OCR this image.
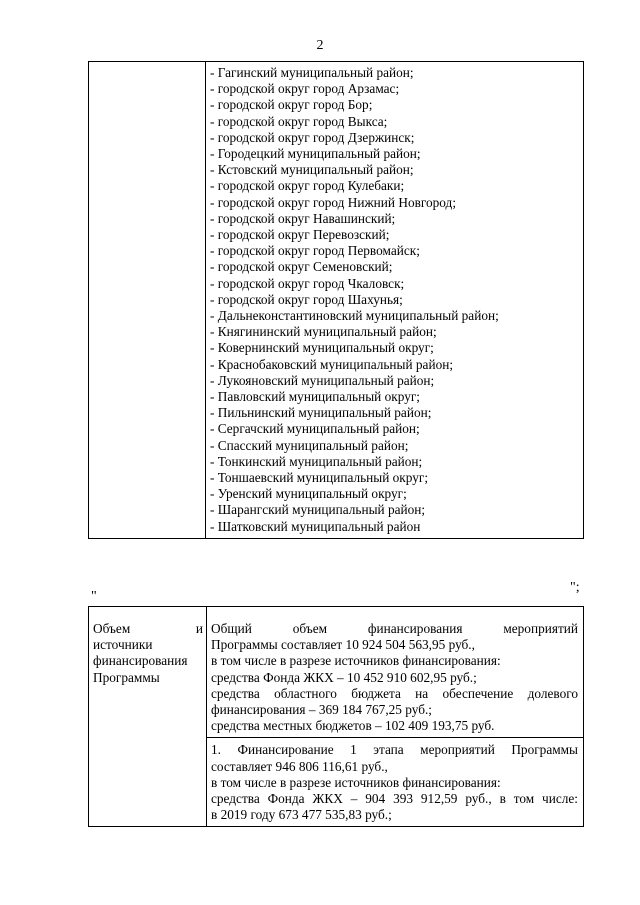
2

- Гагинский муниципальный район;
- городской округ город Арзамас;
- городской округ город Бор;
- городской округ город Выкса;
- городской округ город Дзержинск;
- Городецкий муниципальный район;
- Кстовский муниципальный район;
- городской округ город Кулебаки;
- городской округ город Нижний Новгород;
- городской округ Навашинский;
- городской округ Перевозский;
- городской округ город Первомайск;
- городской округ Семеновский;
- городской округ город Чкаловск;
- городской округ город Шахунья;
- Дальнеконстантиновский муниципальный район;
- Княгининский муниципальный район;
- Ковернинский муниципальный округ;
- Краснобаковский муниципальный район;
- Лукояновский муниципальный район;
- Павловский муниципальный округ;
- Пильнинский муниципальный район;
- Сергачский муниципальный район;
- Спасский муниципальный район;
- Тонкинский муниципальный район;
- Тоншаевский муниципальный округ;
- Уренский муниципальный округ;
- Шарангский муниципальный район;
- Шатковский муниципальный район
";
"
Объем	и
источники
финансирования
Программы

Общий объем финансирования мероприятий
Программы составляет 10 924 504 563,95 руб.,
в том числе в разрезе источников финансирования:
средства Фонда ЖКХ – 10 452 910 602,95 руб.;
средства областного бюджета на обеспечение долевого
финансирования – 369 184 767,25 руб.;
средства местных бюджетов – 102 409 193,75 руб.

1. Финансирование 1 этапа мероприятий Программы
составляет 946 806 116,61 руб.,
в том числе в разрезе источников финансирования:
средства Фонда ЖКХ – 904 393 912,59 руб., в том числе:
в 2019 году 673 477 535,83 руб.;
